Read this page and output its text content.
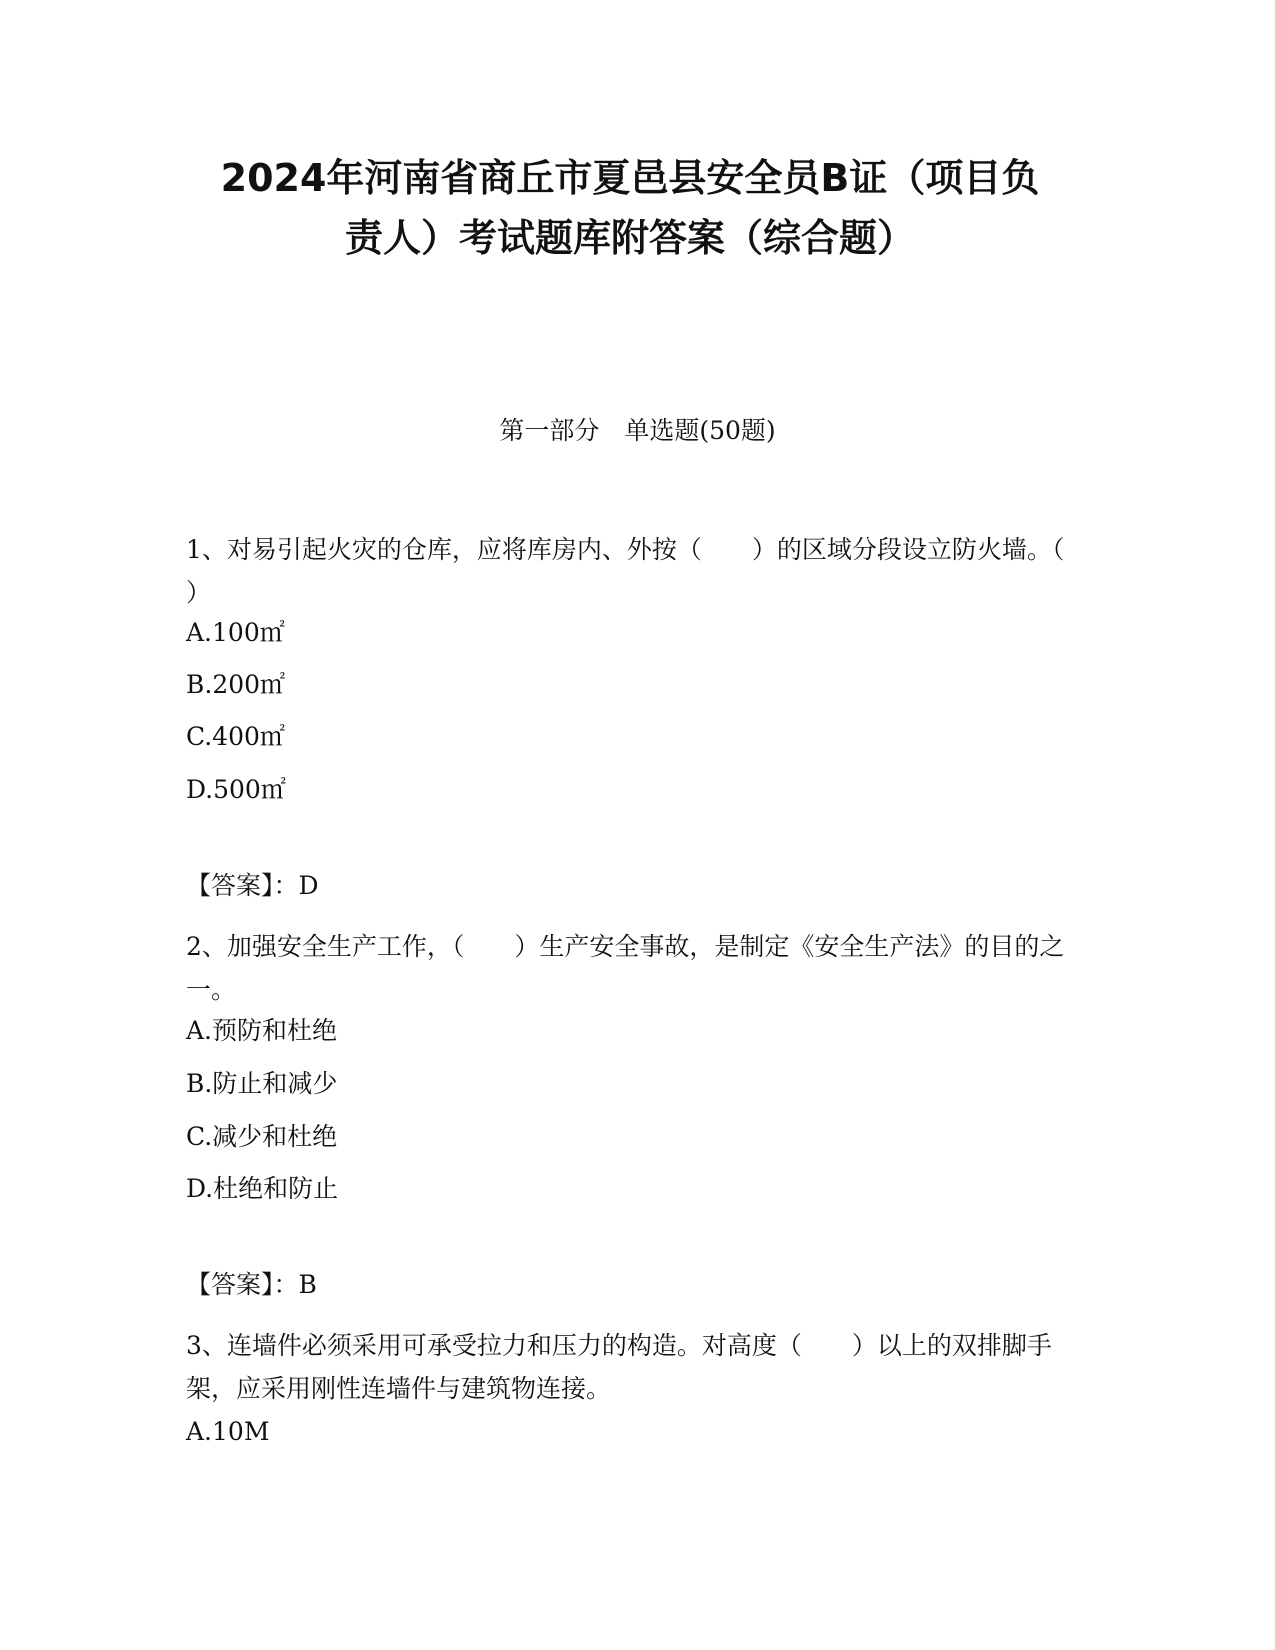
2024年河南省商丘市夏邑县安全员B证（项目负
责人）考试题库附答案（综合题）

第一部分　单选题(50题)

1、对易引起火灾的仓库，应将库房内、外按（　　）的区域分段设立防火墙。（　　　）

A.100㎡

B.200㎡

C.400㎡

D.500㎡

【答案】：D

2、加强安全生产工作，（　　）生产安全事故，是制定《安全生产法》的目的之一。

A.预防和杜绝

B.防止和减少

C.减少和杜绝

D.杜绝和防止

【答案】：B

3、连墙件必须采用可承受拉力和压力的构造。对高度（　　）以上的双排脚手架，应采用刚性连墙件与建筑物连接。

A.10M
